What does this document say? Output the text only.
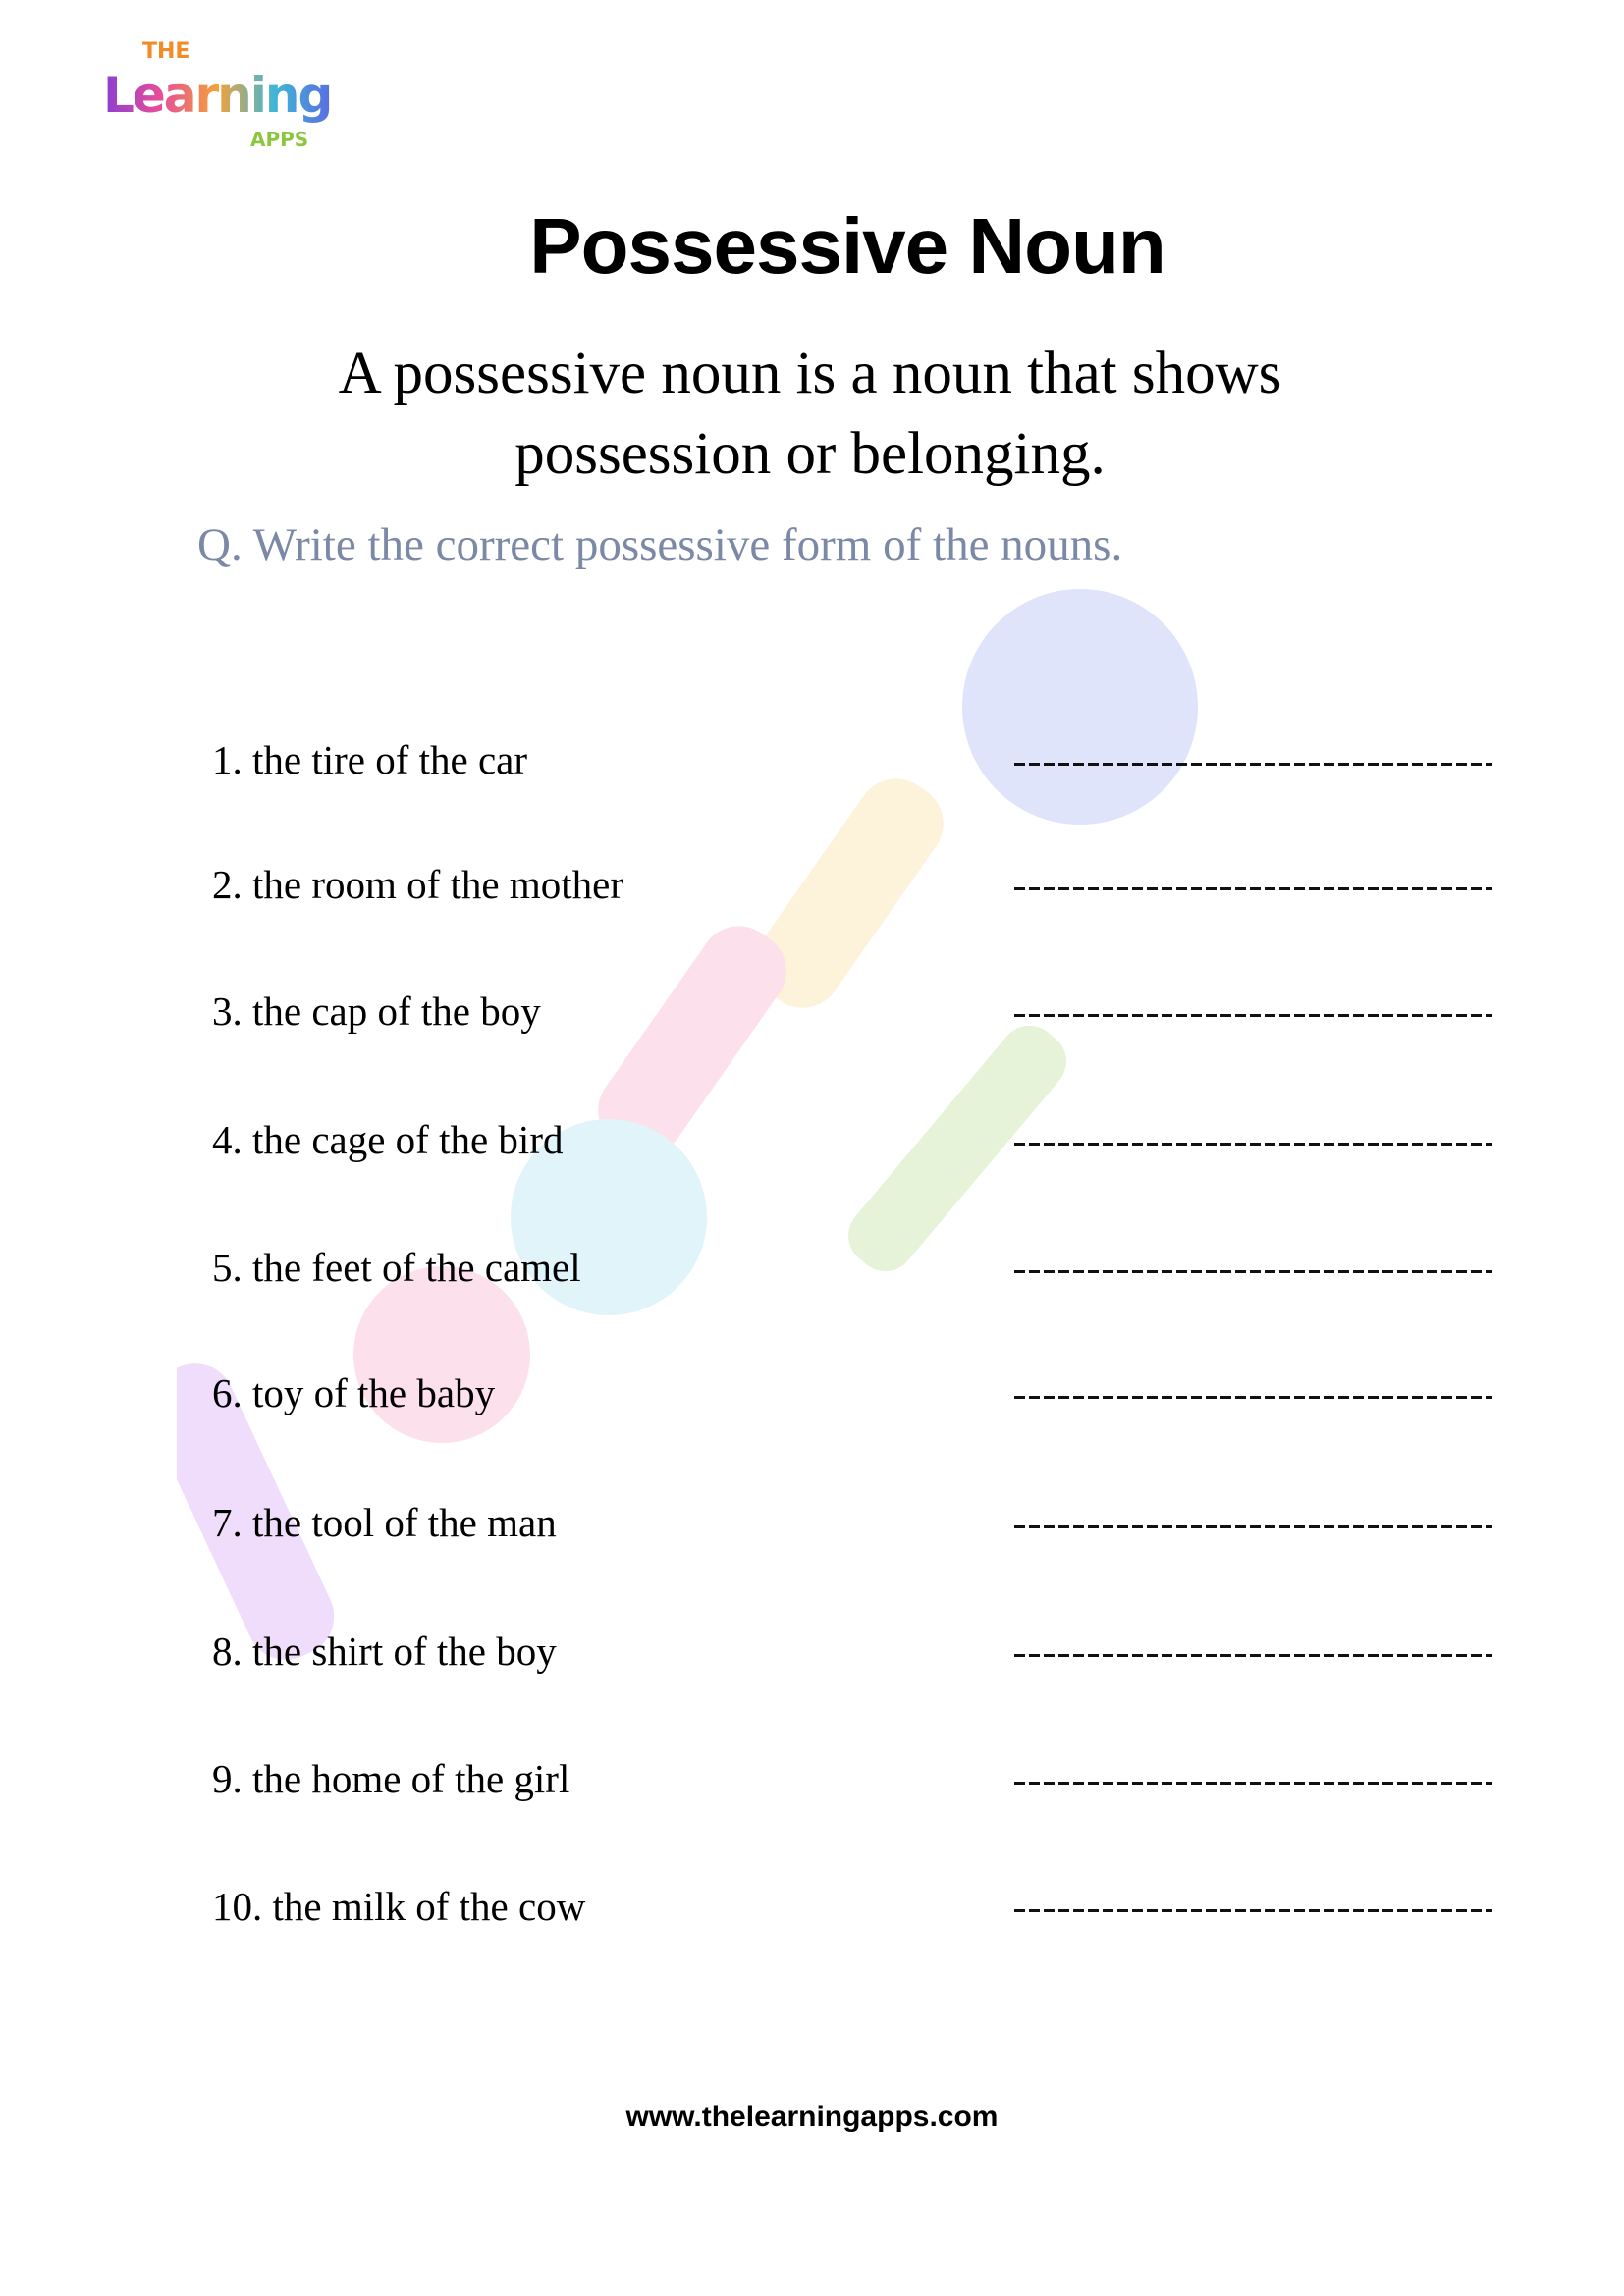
THE
Learning
APPS
Possessive Noun
A possessive noun is a noun that shows
possession or belonging.
Q. Write the correct possessive form of the nouns.
1. the tire of the car
2. the room of the mother
3. the cap of the boy
4. the cage of the bird
5. the feet of the camel
6. toy of the baby
7. the tool of the man
8. the shirt of the boy
9. the home of the girl
10. the milk of the cow
www.thelearningapps.com
